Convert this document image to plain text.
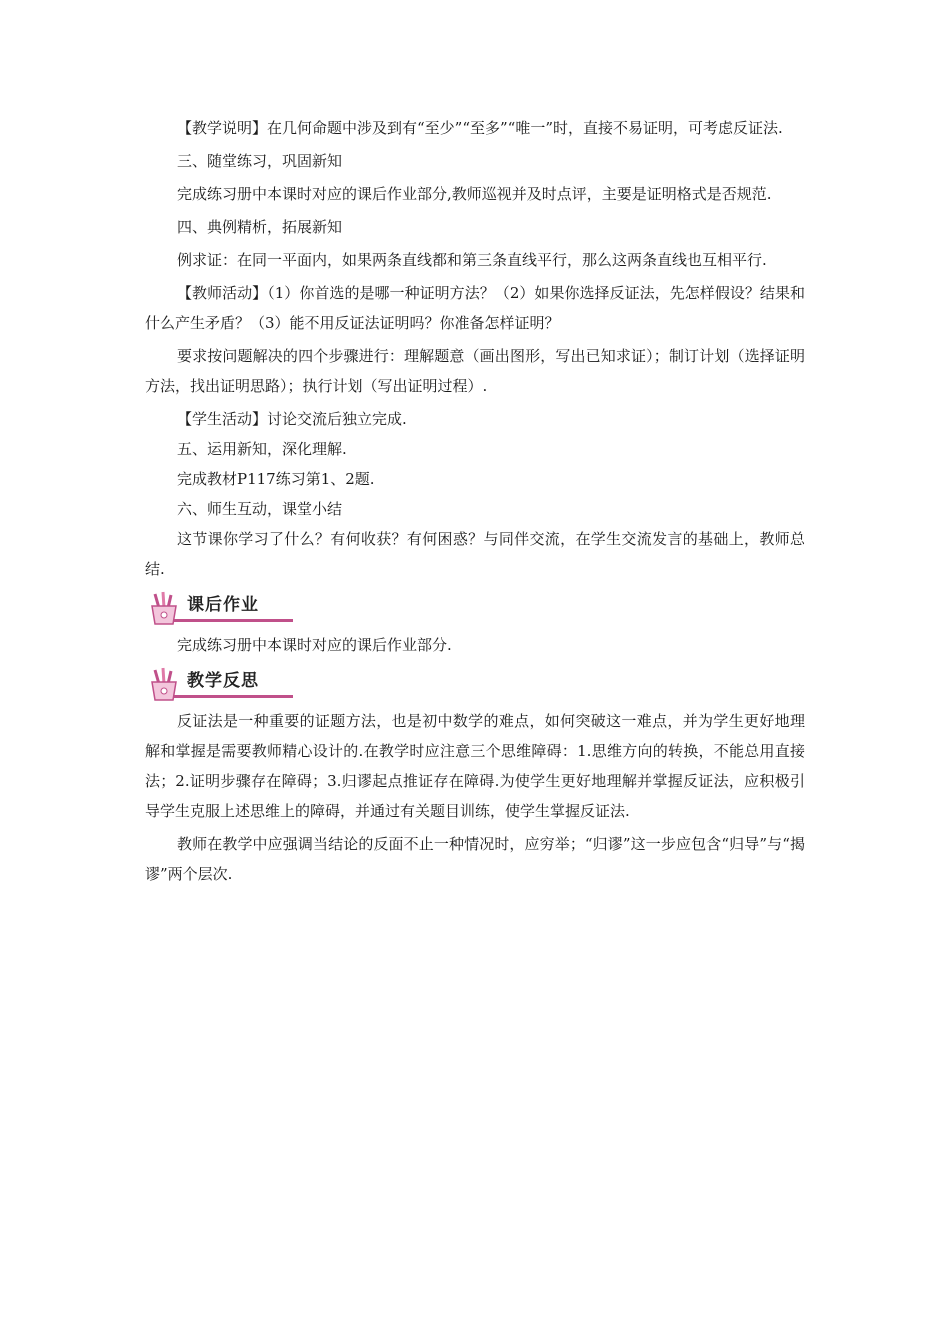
【教学说明】在几何命题中涉及到有“至少”“至多”“唯一”时，直接不易证明，可考虑反证法.

三、随堂练习，巩固新知

完成练习册中本课时对应的课后作业部分,教师巡视并及时点评，主要是证明格式是否规范.

四、典例精析，拓展新知

例求证：在同一平面内，如果两条直线都和第三条直线平行，那么这两条直线也互相平行.

【教师活动】（1）你首选的是哪一种证明方法？（2）如果你选择反证法，先怎样假设？结果和什么产生矛盾？（3）能不用反证法证明吗？你准备怎样证明？

要求按问题解决的四个步骤进行：理解题意（画出图形，写出已知求证）；制订计划（选择证明方法，找出证明思路）；执行计划（写出证明过程）.

【学生活动】讨论交流后独立完成.

五、运用新知，深化理解.

完成教材P117练习第1、2题.

六、师生互动，课堂小结

这节课你学习了什么？有何收获？有何困惑？与同伴交流，在学生交流发言的基础上，教师总结.

课后作业

完成练习册中本课时对应的课后作业部分.

教学反思

反证法是一种重要的证题方法，也是初中数学的难点，如何突破这一难点，并为学生更好地理解和掌握是需要教师精心设计的.在教学时应注意三个思维障碍：1.思维方向的转换，不能总用直接法；2.证明步骤存在障碍；3.归谬起点推证存在障碍.为使学生更好地理解并掌握反证法，应积极引导学生克服上述思维上的障碍，并通过有关题目训练，使学生掌握反证法.

教师在教学中应强调当结论的反面不止一种情况时，应穷举；“归谬”这一步应包含“归导”与“揭谬”两个层次.
